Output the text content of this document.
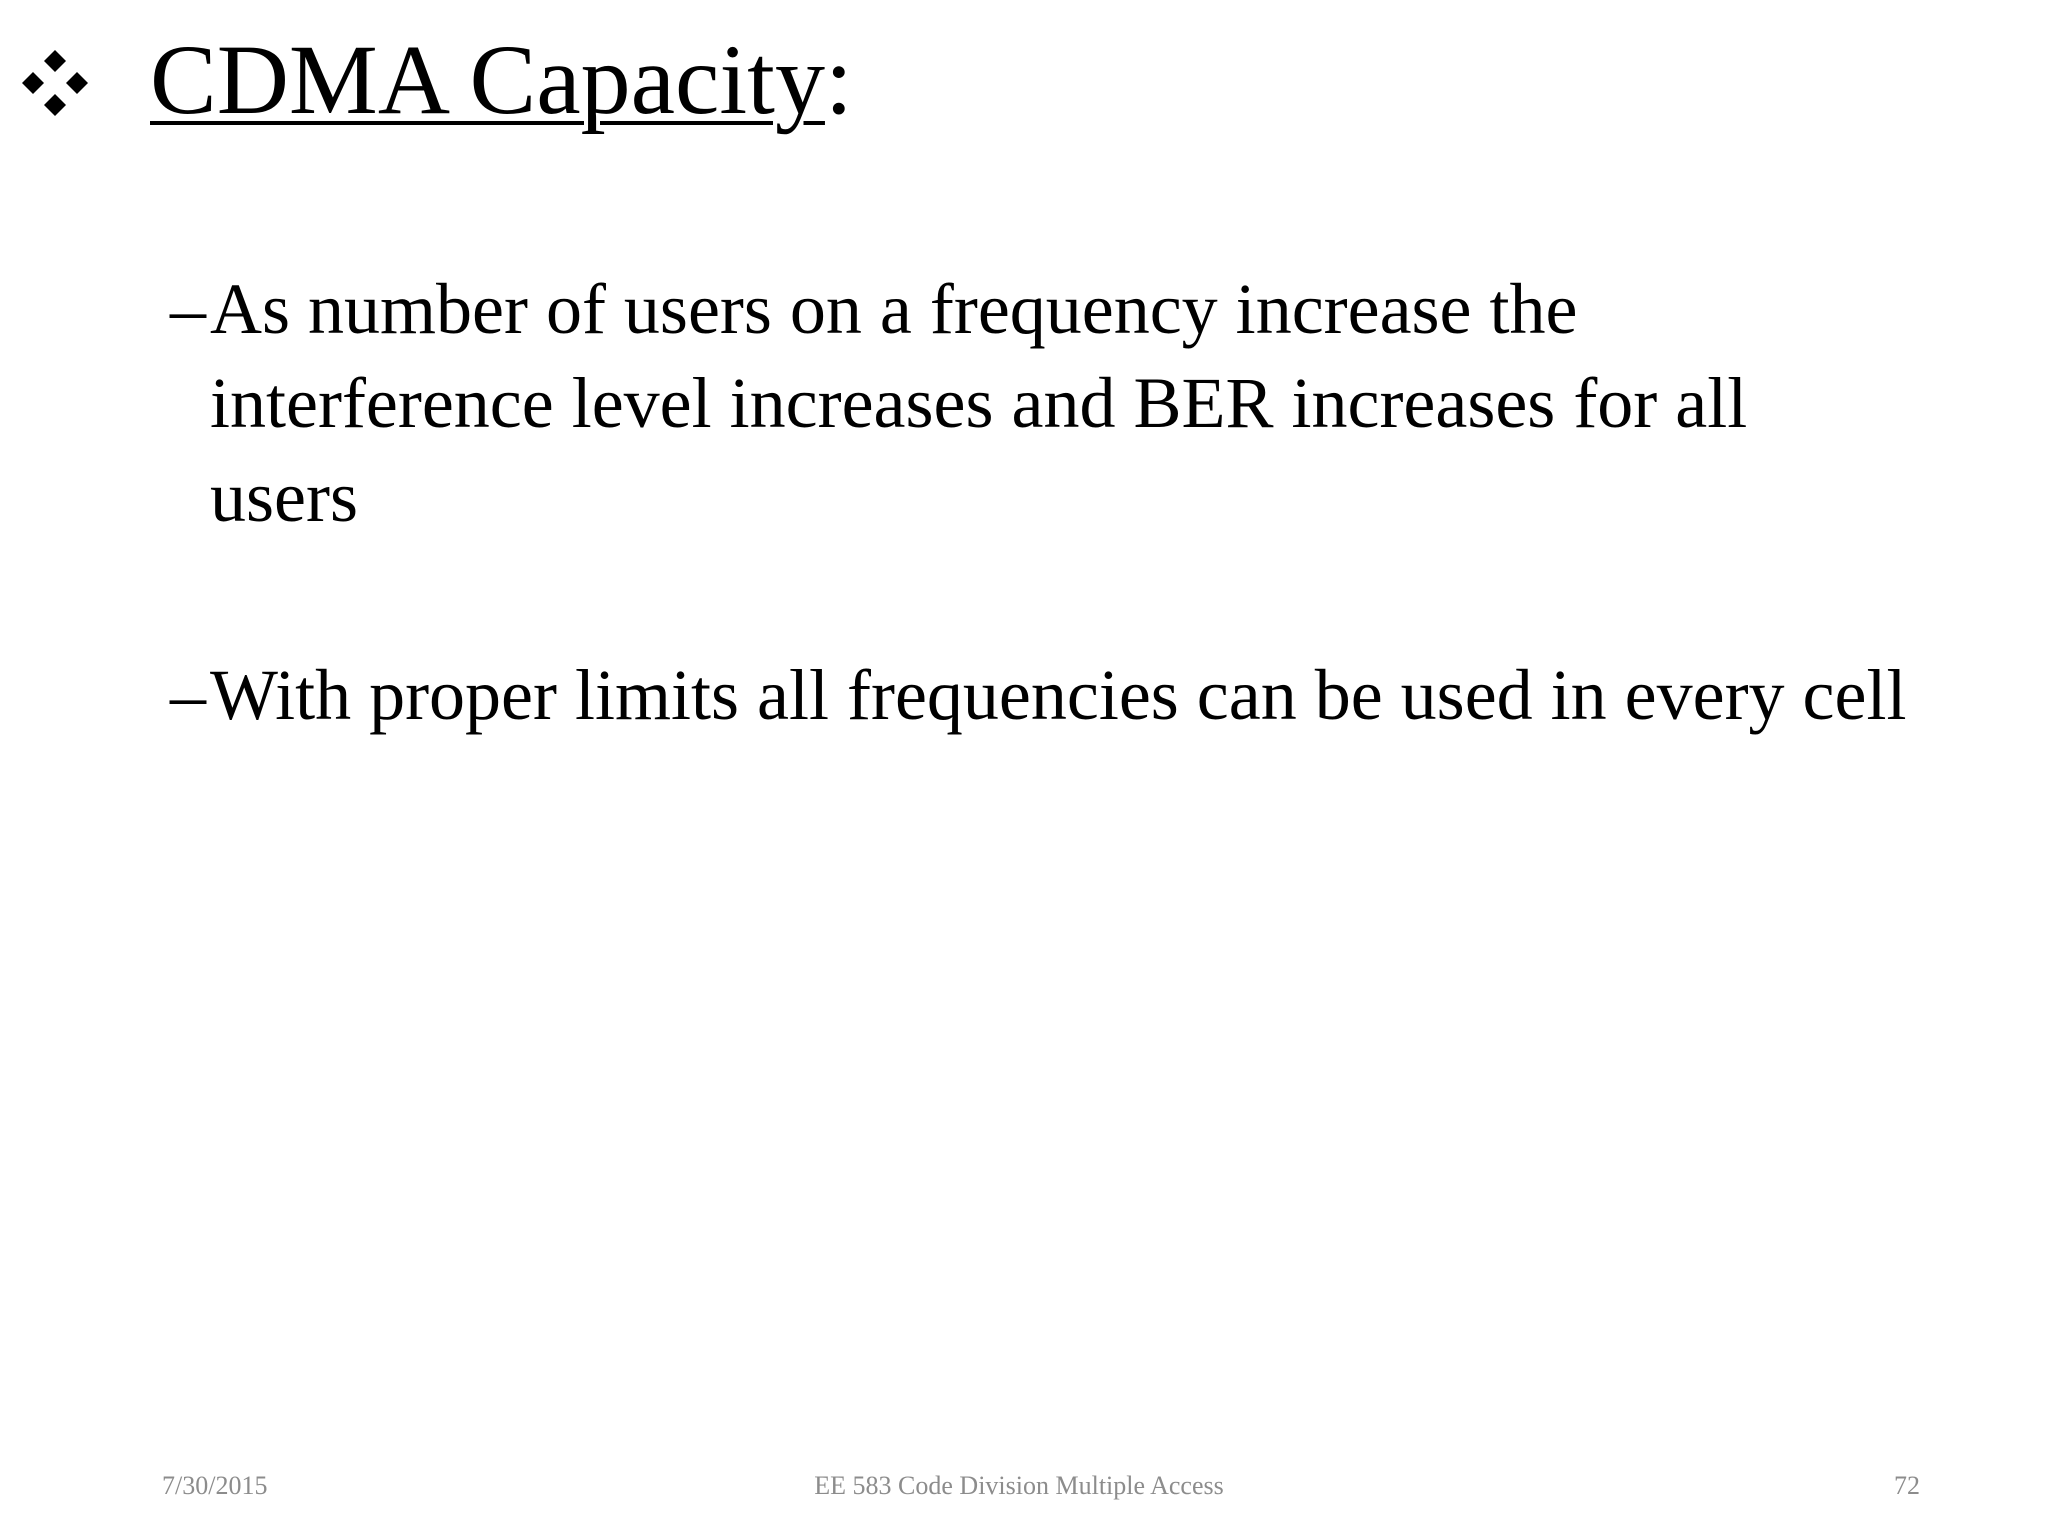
CDMA Capacity:
– As number of users on a frequency increase the interference level increases and BER increases for all users
– With proper limits all frequencies can be used in every cell
7/30/2015	EE 583 Code Division Multiple Access	72
